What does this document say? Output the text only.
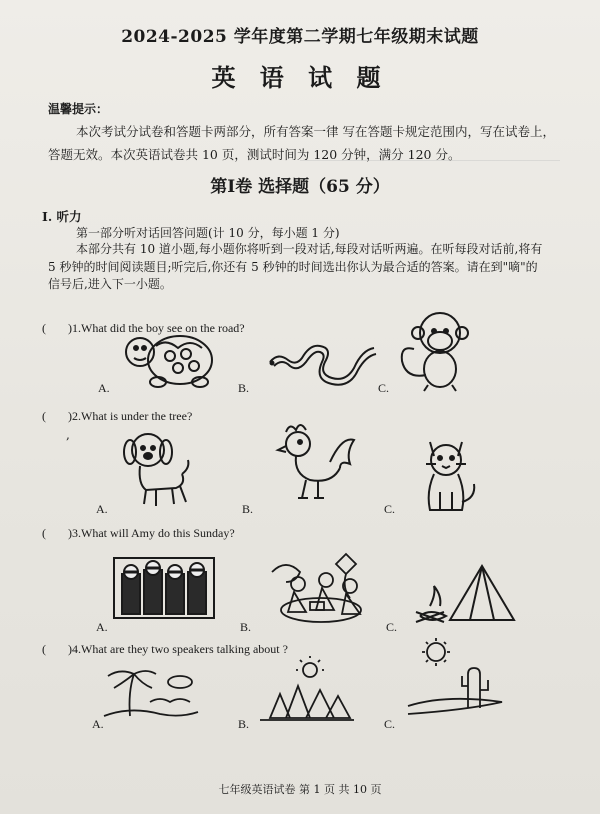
2024-2025 学年度第二学期七年级期末试题
英 语 试 题
温馨提示：
本次考试分试卷和答题卡两部分，所有答案一律 写在答题卡规定范围内，写在试卷上，答题无效。本次英语试卷共 10 页，测试时间为 120 分钟，满分 120 分。
第Ⅰ卷 选择题（65 分）
Ⅰ. 听力
第一部分听对话回答问题(计 10 分，每小题 1 分)
本部分共有 10 道小题,每小题你将听到一段对话,每段对话听两遍。在听每段对话前,将有 5 秒钟的时间阅读题目;听完后,你还有 5 秒钟的时间选出你认为最合适的答案。请在到"嘀"的信号后,进入下一小题。
( )1.What did the boy see on the road?
A.	B.	C.
( )2.What is under the tree?
,
A.	B.	C.
( )3.What will Amy do this Sunday?
A.	B.	C.
( )4.What are they two speakers talking about ?
A.	B.	C.
七年级英语试卷 第 1 页 共 10 页
